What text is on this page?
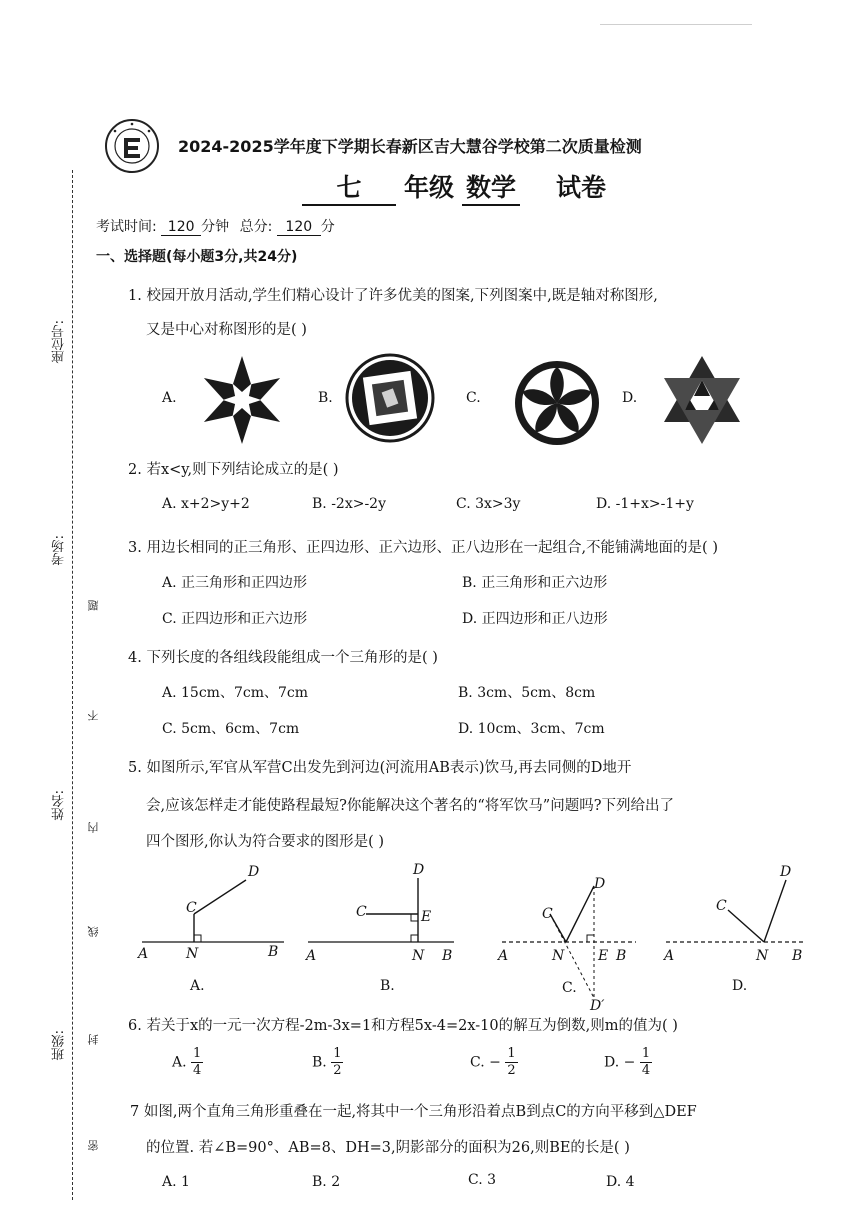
座位号:
考场:
姓名:
班级:
题
不
内
线
封
密
2024-2025学年度下学期长春新区吉大慧谷学校第二次质量检测
七	年级 数学 试卷
考试时间: 120 分钟 总分: 120 分
一、选择题(每小题3分,共24分)
1. 校园开放月活动,学生们精心设计了许多优美的图案,下列图案中,既是轴对称图形,
又是中心对称图形的是( )
A.	B.	C.	D.
2. 若x<y,则下列结论成立的是( )
A. x+2>y+2	B. -2x>-2y	C. 3x>3y	D. -1+x>-1+y
3. 用边长相同的正三角形、正四边形、正六边形、正八边形在一起组合,不能铺满地面的是( )
A. 正三角形和正四边形	B. 正三角形和正六边形
C. 正四边形和正六边形	D. 正四边形和正八边形
4. 下列长度的各组线段能组成一个三角形的是( )
A. 15cm、7cm、7cm	B. 3cm、5cm、8cm
C. 5cm、6cm、7cm	D. 10cm、3cm、7cm
5. 如图所示,军官从军营C出发先到河边(河流用AB表示)饮马,再去同侧的D地开
会,应该怎样走才能使路程最短?你能解决这个著名的“将军饮马”问题吗?下列给出了
四个图形,你认为符合要求的图形是( )
A	N	B
C
D
A.
A	N B
C	E
D
B.
A	N E B
C
D
D′
C.
A	N B
C
D
D.
6. 若关于x的一元一次方程-2m-3x=1和方程5x-4=2x-10的解互为倒数,则m的值为( )
A. $\frac{1}{4}$	B. $\frac{1}{2}$	C. − $\frac{1}{2}$	D. − $\frac{1}{4}$
7 如图,两个直角三角形重叠在一起,将其中一个三角形沿着点B到点C的方向平移到△DEF
的位置. 若∠B=90°、AB=8、DH=3,阴影部分的面积为26,则BE的长是( )
A. 1	B. 2	C. 3	D. 4
